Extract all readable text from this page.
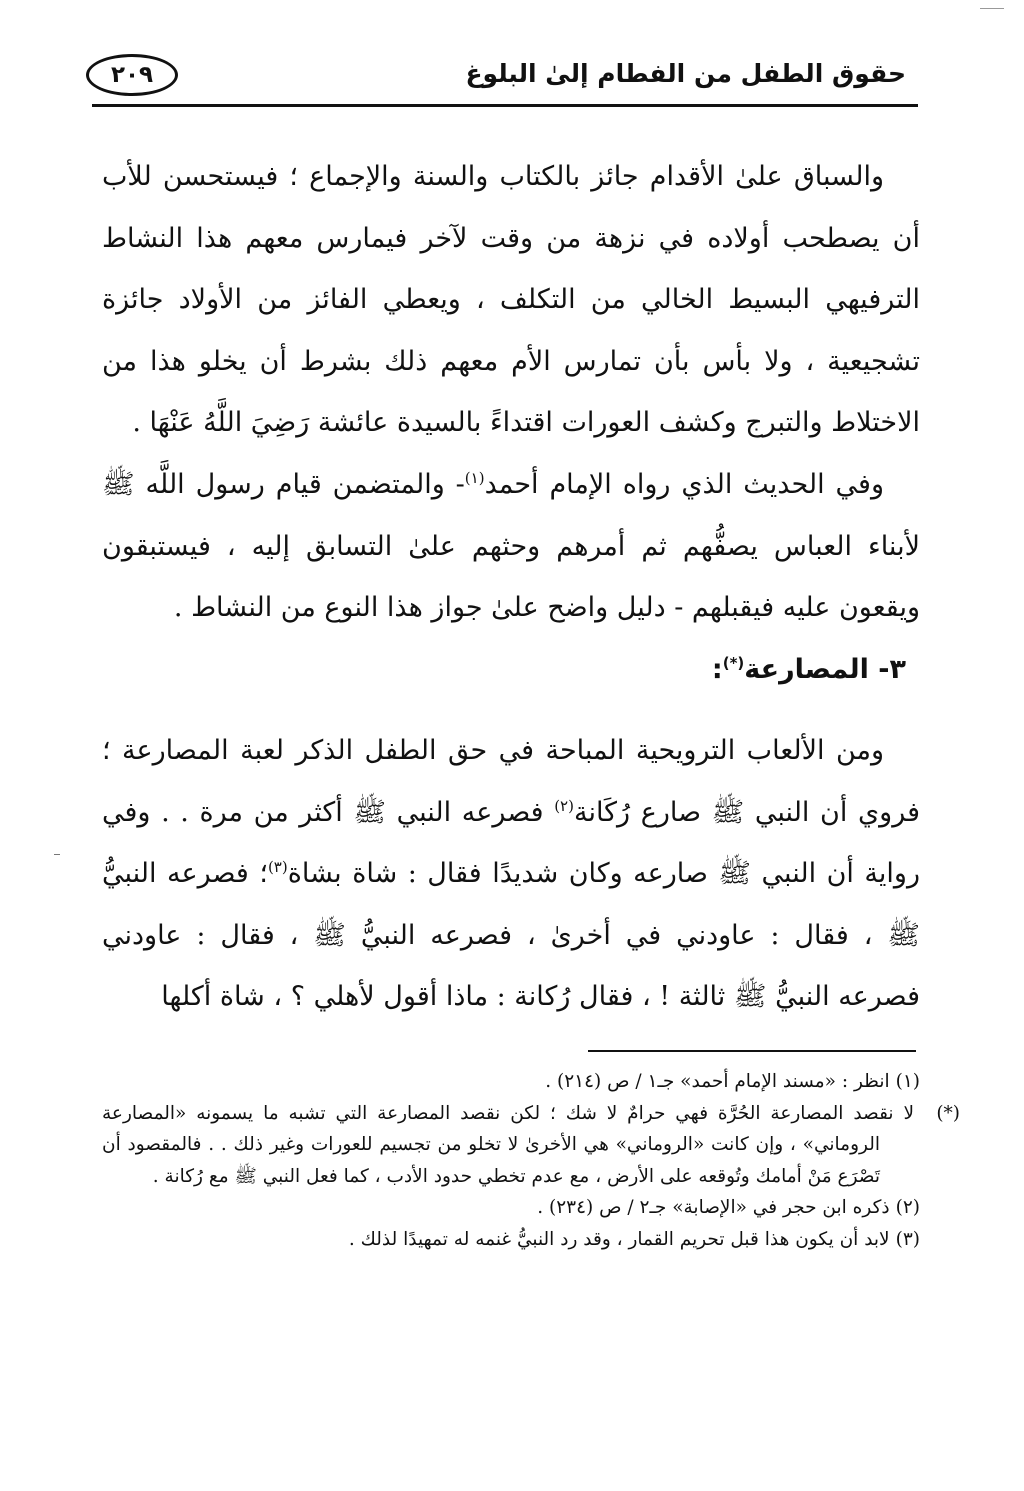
حقوق الطفل من الفطام إلىٰ البلوغ
٢٠٩

والسباق علىٰ الأقدام جائز بالكتاب والسنة والإجماع ؛ فيستحسن للأب أن يصطحب أولاده في نزهة من وقت لآخر فيمارس معهم هذا النشاط الترفيهي البسيط الخالي من التكلف ، ويعطي الفائز من الأولاد جائزة تشجيعية ، ولا بأس بأن تمارس الأم معهم ذلك بشرط أن يخلو هذا من الاختلاط والتبرج وكشف العورات اقتداءً بالسيدة عائشة رَضِيَ اللَّهُ عَنْهَا .

وفي الحديث الذي رواه الإمام أحمد$^{(١)}$- والمتضمن قيام رسول اللَّه ﷺ لأبناء العباس يصفُّهم ثم أمرهم وحثهم علىٰ التسابق إليه ، فيستبقون ويقعون عليه فيقبلهم - دليل واضح علىٰ جواز هذا النوع من النشاط .

٣- المصارعة(*):

ومن الألعاب الترويحية المباحة في حق الطفل الذكر لعبة المصارعة ؛ فروي أن النبي ﷺ صارع رُكَانة$^{(٢)}$ فصرعه النبي ﷺ أكثر من مرة . . وفي رواية أن النبي ﷺ صارعه وكان شديدًا فقال : شاة بشاة$^{(٣)}$؛ فصرعه النبيُّ ﷺ ، فقال : عاودني في أخرىٰ ، فصرعه النبيُّ ﷺ ، فقال : عاودني فصرعه النبيُّ ﷺ ثالثة ! ، فقال رُكانة : ماذا أقول لأهلي ؟ ، شاة أكلها

(١)انظر : «مسند الإمام أحمد» جـ١ / ص (٢١٤) .

(*)لا نقصد المصارعة الحُرَّة فهي حرامٌ لا شك ؛ لكن نقصد المصارعة التي تشبه ما يسمونه «المصارعة الروماني» ، وإن كانت «الروماني» هي الأخرىٰ لا تخلو من تجسيم للعورات وغير ذلك . . فالمقصود أن تَصْرَع مَنْ أمامك وتُوقعه على الأرض ، مع عدم تخطي حدود الأدب ، كما فعل النبي ﷺ مع رُكانة .

(٢)ذكره ابن حجر في «الإصابة» جـ٢ / ص (٢٣٤) .

(٣)لابد أن يكون هذا قبل تحريم القمار ، وقد رد النبيُّ غنمه له تمهيدًا لذلك .
